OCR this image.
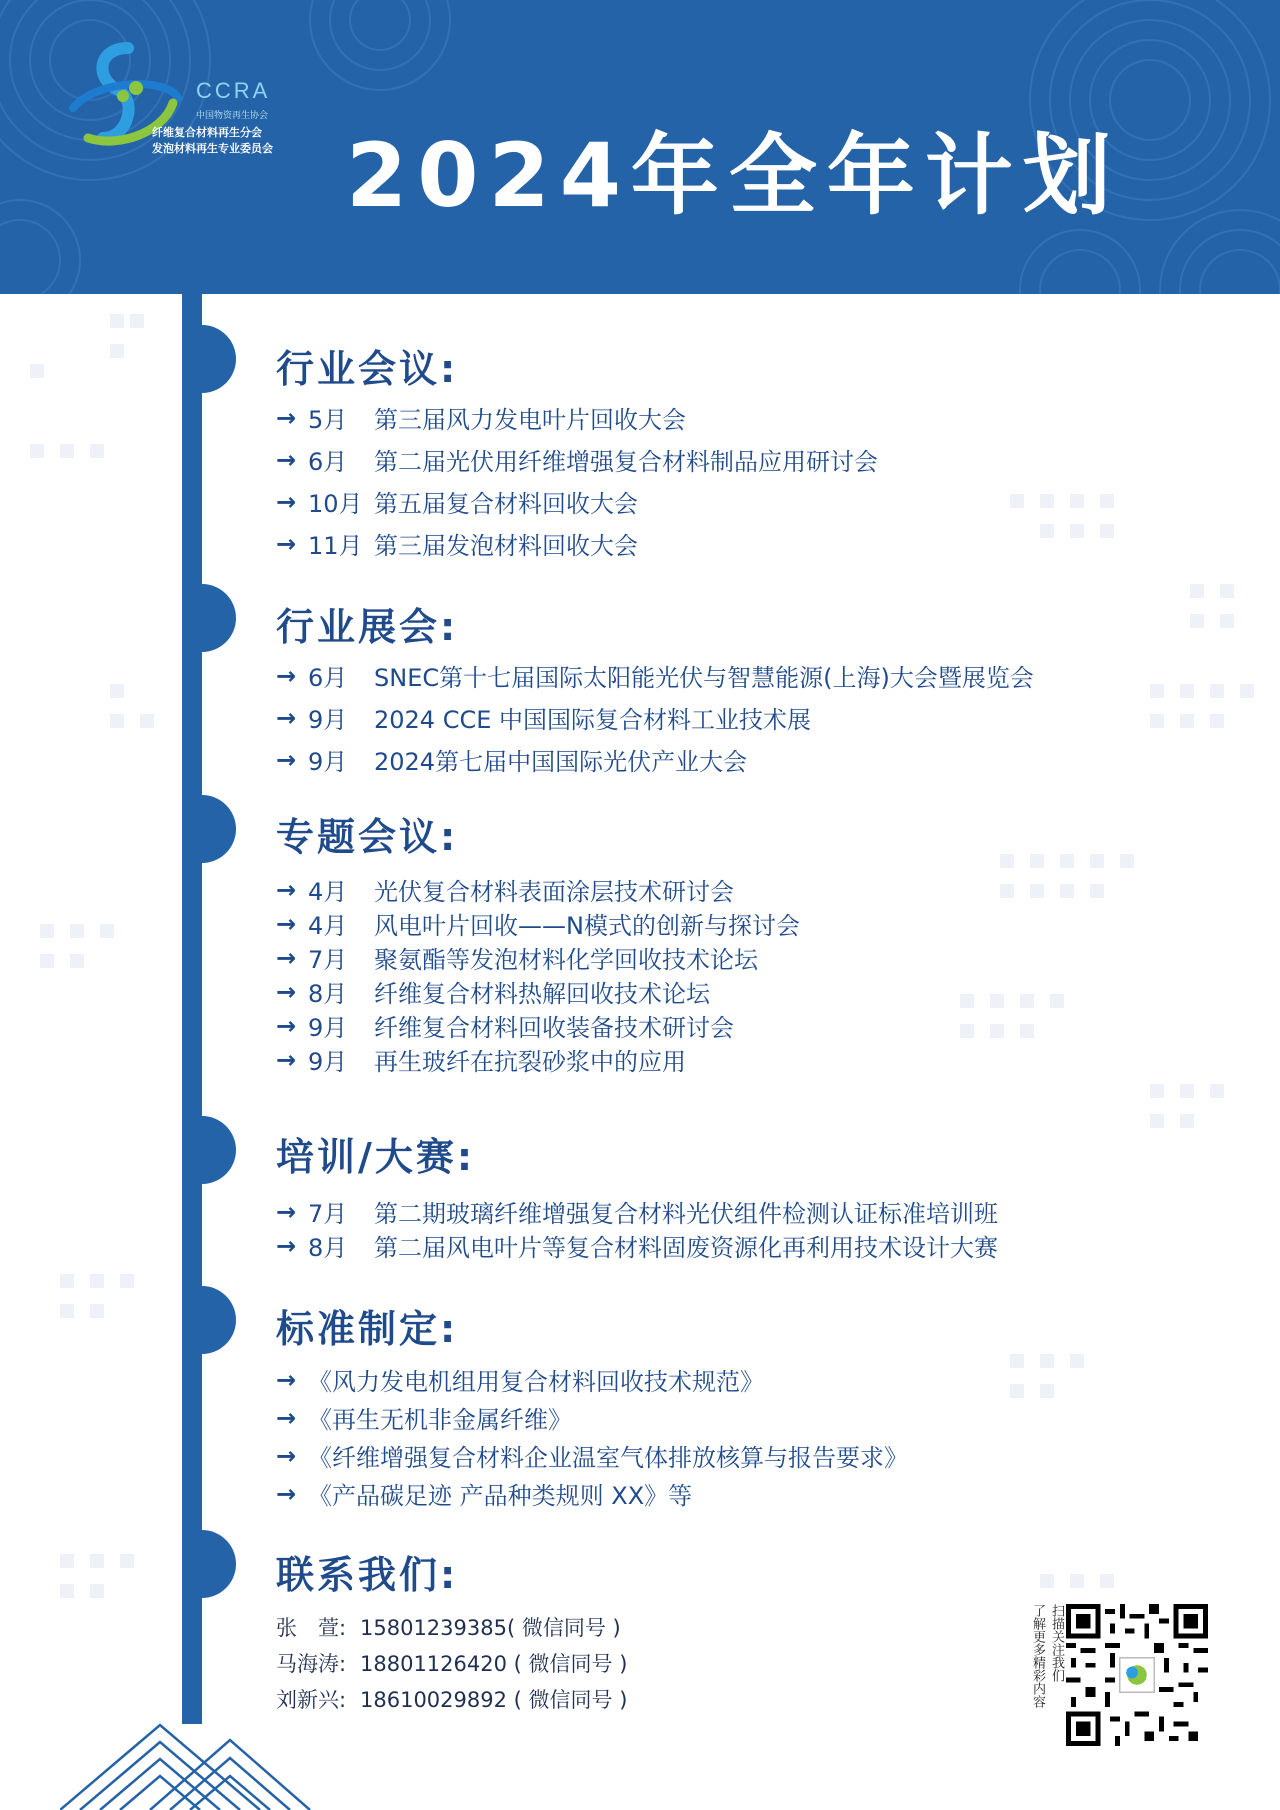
CCRA
中国物资再生协会
纤维复合材料再生分会
发泡材料再生专业委员会 2024年全年计划
行业会议:
→ 5月	第三届风力发电叶片回收大会
→ 6月	第二届光伏用纤维增强复合材料制品应用研讨会
→ 10月 第五届复合材料回收大会
→ 11月 第三届发泡材料回收大会
行业展会:
→ 6月	SNEC第十七届国际太阳能光伏与智慧能源(上海)大会暨展览会
→ 9月	2024 CCE 中国国际复合材料工业技术展
→ 9月	2024第七届中国国际光伏产业大会
专题会议:
→ 4月	光伏复合材料表面涂层技术研讨会
→ 4月	风电叶片回收——N模式的创新与探讨会
→ 7月	聚氨酯等发泡材料化学回收技术论坛
→ 8月	纤维复合材料热解回收技术论坛
→ 9月	纤维复合材料回收装备技术研讨会
→ 9月	再生玻纤在抗裂砂浆中的应用
培训/大赛:
→ 7月	第二期玻璃纤维增强复合材料光伏组件检测认证标准培训班
→ 8月	第二届风电叶片等复合材料固废资源化再利用技术设计大赛
标准制定:
→ 《风力发电机组用复合材料回收技术规范》
→ 《再生无机非金属纤维》
→ 《纤维增强复合材料企业温室气体排放核算与报告要求》
→ 《产品碳足迹 产品种类规则 XX》等
联系我们:
张　萱: 15801239385( 微信同号 )
马海涛: 18801126420 ( 微信同号 )
刘新兴: 18610029892 ( 微信同号 )
扫描关注我们
了解更多精彩内容
